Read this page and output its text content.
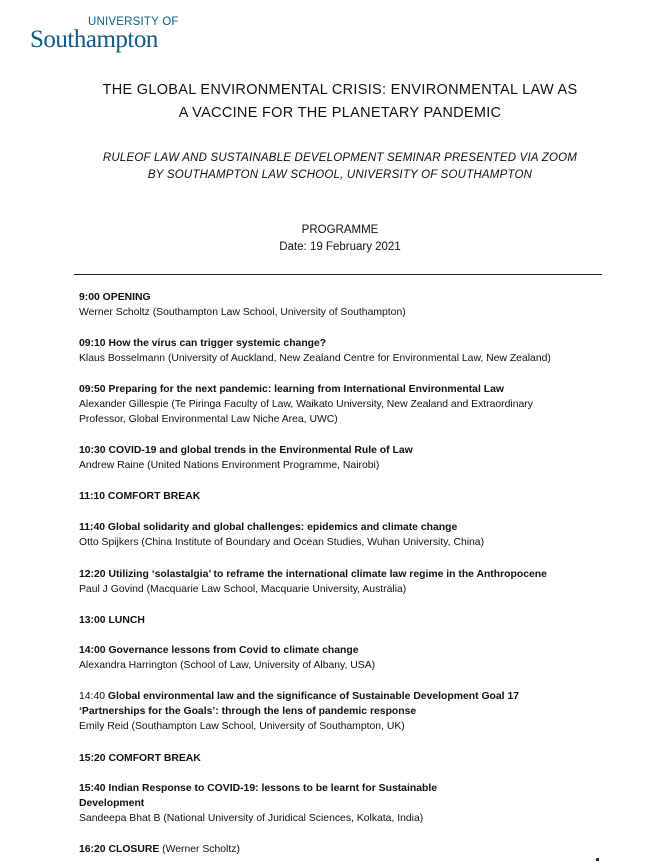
UNIVERSITY OF
Southampton
THE GLOBAL ENVIRONMENTAL CRISIS: ENVIRONMENTAL LAW AS
A VACCINE FOR THE PLANETARY PANDEMIC
RULEOF LAW AND SUSTAINABLE DEVELOPMENT SEMINAR PRESENTED VIA ZOOM
BY SOUTHAMPTON LAW SCHOOL, UNIVERSITY OF SOUTHAMPTON
PROGRAMME
Date: 19 February 2021
9:00 OPENING
Werner Scholtz (Southampton Law School, University of Southampton)
09:10 How the virus can trigger systemic change?
Klaus Bosselmann (University of Auckland, New Zealand Centre for Environmental Law, New Zealand)
09:50 Preparing for the next pandemic: learning from International Environmental Law
Alexander Gillespie (Te Piringa Faculty of Law, Waikato University, New Zealand and Extraordinary
Professor, Global Environmental Law Niche Area, UWC)
10:30 COVID-19 and global trends in the Environmental Rule of Law
Andrew Raine (United Nations Environment Programme, Nairobi)
11:10 COMFORT BREAK
11:40 Global solidarity and global challenges: epidemics and climate change
Otto Spijkers (China Institute of Boundary and Ocean Studies, Wuhan University, China)
12:20 Utilizing ‘solastalgia’ to reframe the international climate law regime in the Anthropocene
Paul J Govind (Macquarie Law School, Macquarie University, Australia)
13:00 LUNCH
14:00 Governance lessons from Covid to climate change
Alexandra Harrington (School of Law, University of Albany, USA)
14:40 Global environmental law and the significance of Sustainable Development Goal 17
‘Partnerships for the Goals’: through the lens of pandemic response
Emily Reid (Southampton Law School, University of Southampton, UK)
15:20 COMFORT BREAK
15:40 Indian Response to COVID-19: lessons to be learnt for Sustainable
Development
Sandeepa Bhat B (National University of Juridical Sciences, Kolkata, India)
16:20 CLOSURE (Werner Scholtz)
